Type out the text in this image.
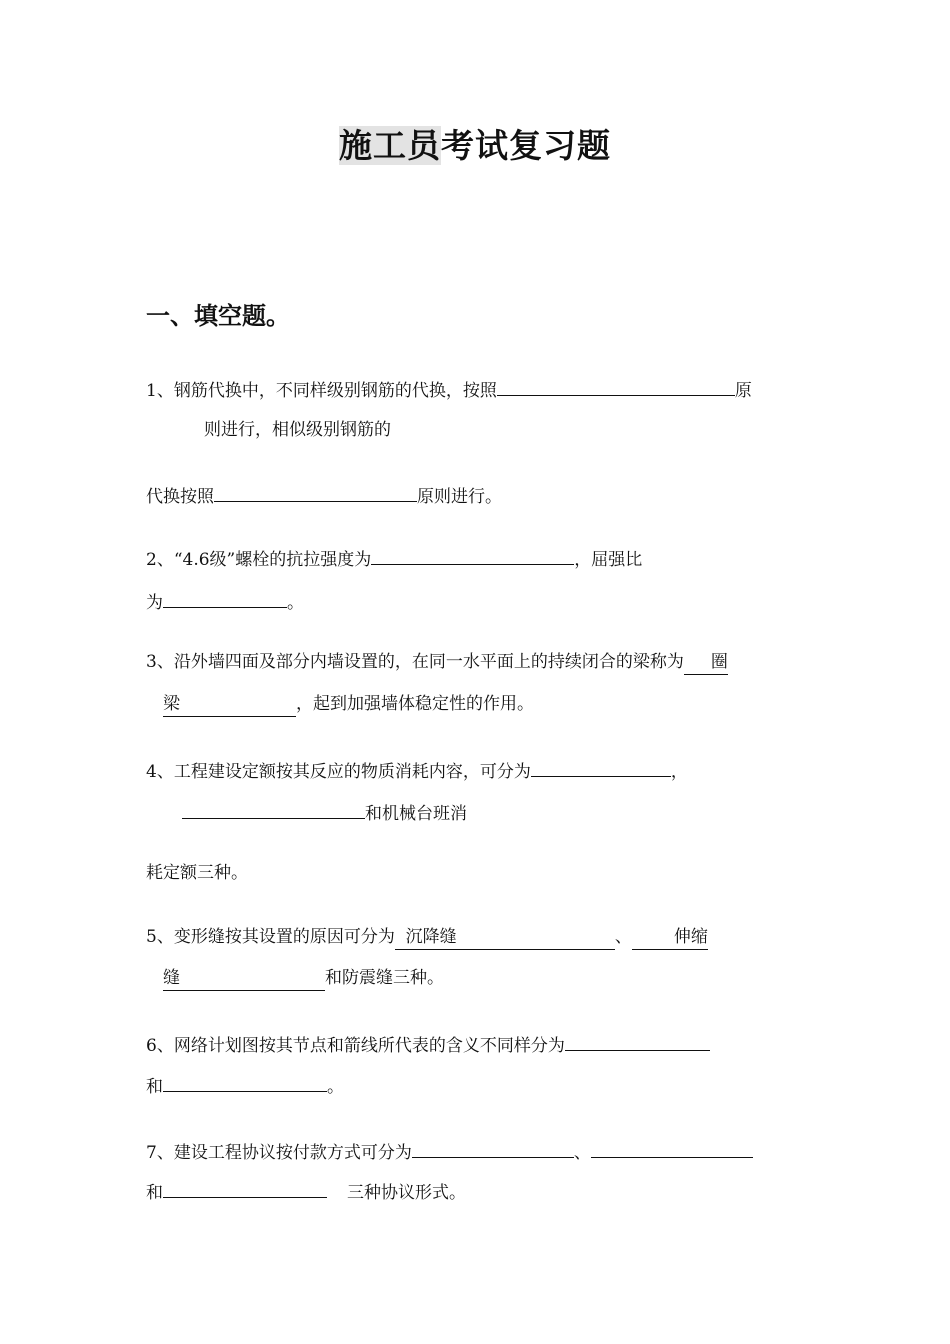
施工员考试复习题
一、填空题。
1、钢筋代换中，不同样级别钢筋的代换，按照	原
则进行，相似级别钢筋的
代换按照	原则进行。
2、“4.6级”螺栓的抗拉强度为	，屈强比
为	。
3、沿外墙四面及部分内墙设置的，在同一水平面上的持续闭合的梁称为 圈
梁	，起到加强墙体稳定性的作用。
4、工程建设定额按其反应的物质消耗内容，可分为	，
和机械台班消
耗定额三种。
5、变形缝按其设置的原因可分为 沉降缝	、 伸缩
缝	和防震缝三种。
6、网络计划图按其节点和箭线所代表的含义不同样分为
和	。
7、建设工程协议按付款方式可分为	、
和	三种协议形式。
